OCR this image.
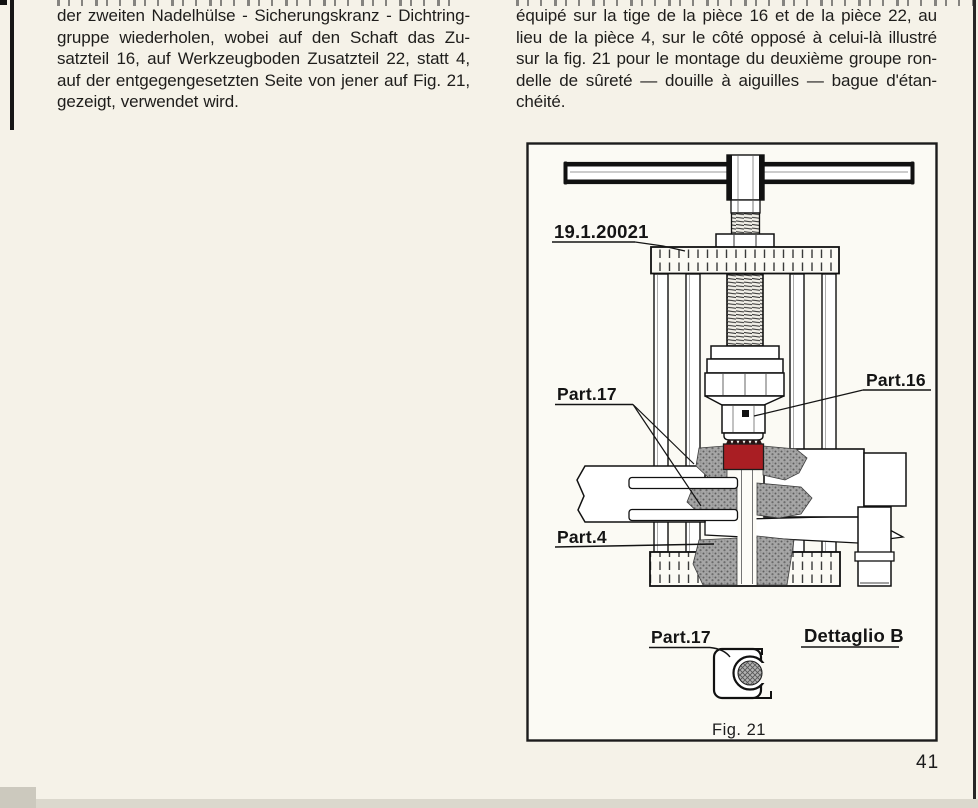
der zweiten Nadelhülse - Sicherungskranz - Dichtring-
gruppe wiederholen, wobei auf den Schaft das Zu-
satzteil 16, auf Werkzeugboden Zusatzteil 22, statt 4,
auf der entgegengesetzten Seite von jener auf Fig. 21,
gezeigt, verwendet wird.
équipé sur la tige de la pièce 16 et de la pièce 22, au
lieu de la pièce 4, sur le côté opposé à celui-là illustré
sur la fig. 21 pour le montage du deuxième groupe ron-
delle de sûreté — douille à aiguilles — bague d'étan-
chéité.
19.1.20021
Part.17
Part.16
Part.4
Part.17	Dettaglio B
Fig. 21
41
